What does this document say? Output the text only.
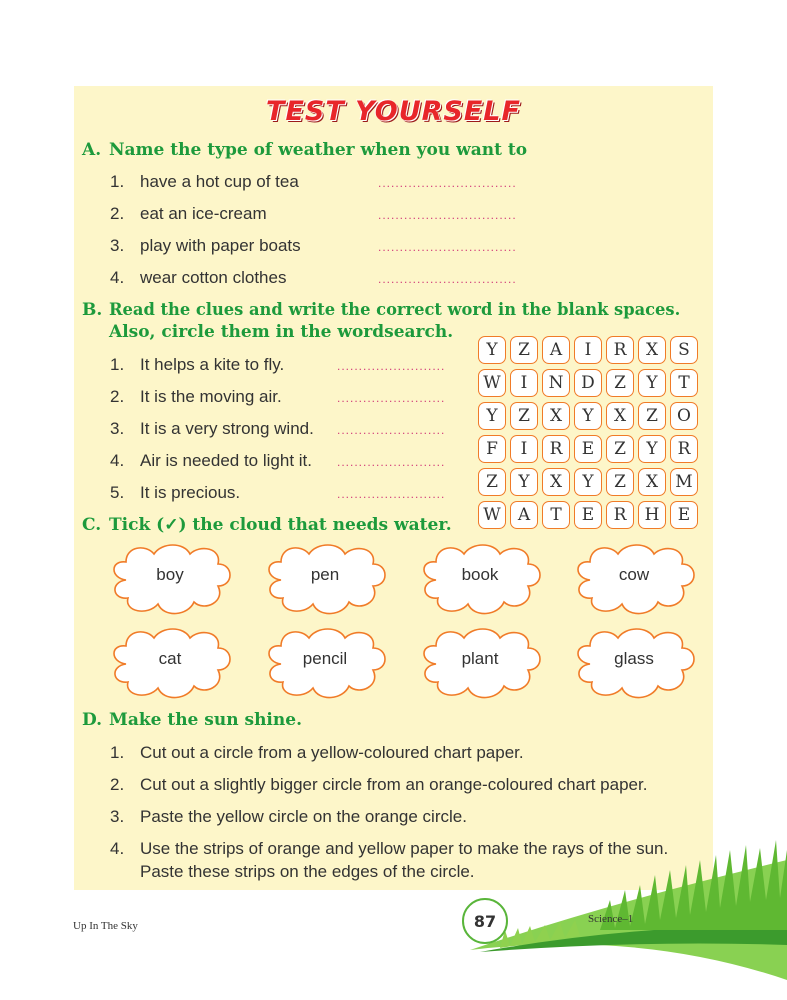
TEST YOURSELF
A. Name the type of weather when you want to
1. have a hot cup of tea
2. eat an ice-cream
3. play with paper boats
4. wear cotton clothes
................................
................................
................................
................................
B. Read the clues and write the correct word in the blank spaces.
Also, circle them in the wordsearch.
1. It helps a kite to fly.
2. It is the moving air.
3. It is a very strong wind.
4. Air is needed to light it.
5. It is precious.
.........................
.........................
.........................
.........................
.........................
Y	Z	A	I	R	X	S
W	I	N	D	Z	Y	T
Y	Z	X	Y	X	Z	O
F	I	R	E	Z	Y	R
Z	Y	X	Y	Z	X	M
W	A	T	E	R	H	E
C. Tick (✓) the cloud that needs water.
boy	pen	book	cow
cat	pencil	plant	glass
D. Make the sun shine.
1. Cut out a circle from a yellow-coloured chart paper.
2. Cut out a slightly bigger circle from an orange-coloured chart paper.
3. Paste the yellow circle on the orange circle.
4. Use the strips of orange and yellow paper to make the rays of the sun.
Paste these strips on the edges of the circle.
Up In The Sky	87	Science–1
